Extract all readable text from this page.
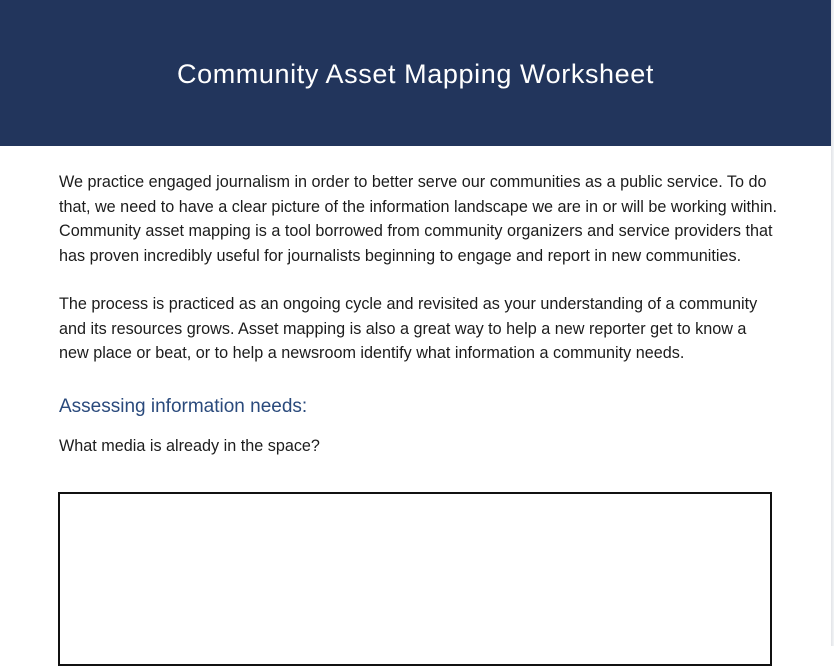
Community Asset Mapping Worksheet

We practice engaged journalism in order to better serve our communities as a public service. To do that, we need to have a clear picture of the information landscape we are in or will be working within. Community asset mapping is a tool borrowed from community organizers and service providers that has proven incredibly useful for journalists beginning to engage and report in new communities.

The process is practiced as an ongoing cycle and revisited as your understanding of a community and its resources grows. Asset mapping is also a great way to help a new reporter get to know a new place or beat, or to help a newsroom identify what information a community needs.

Assessing information needs:

What media is already in the space?
